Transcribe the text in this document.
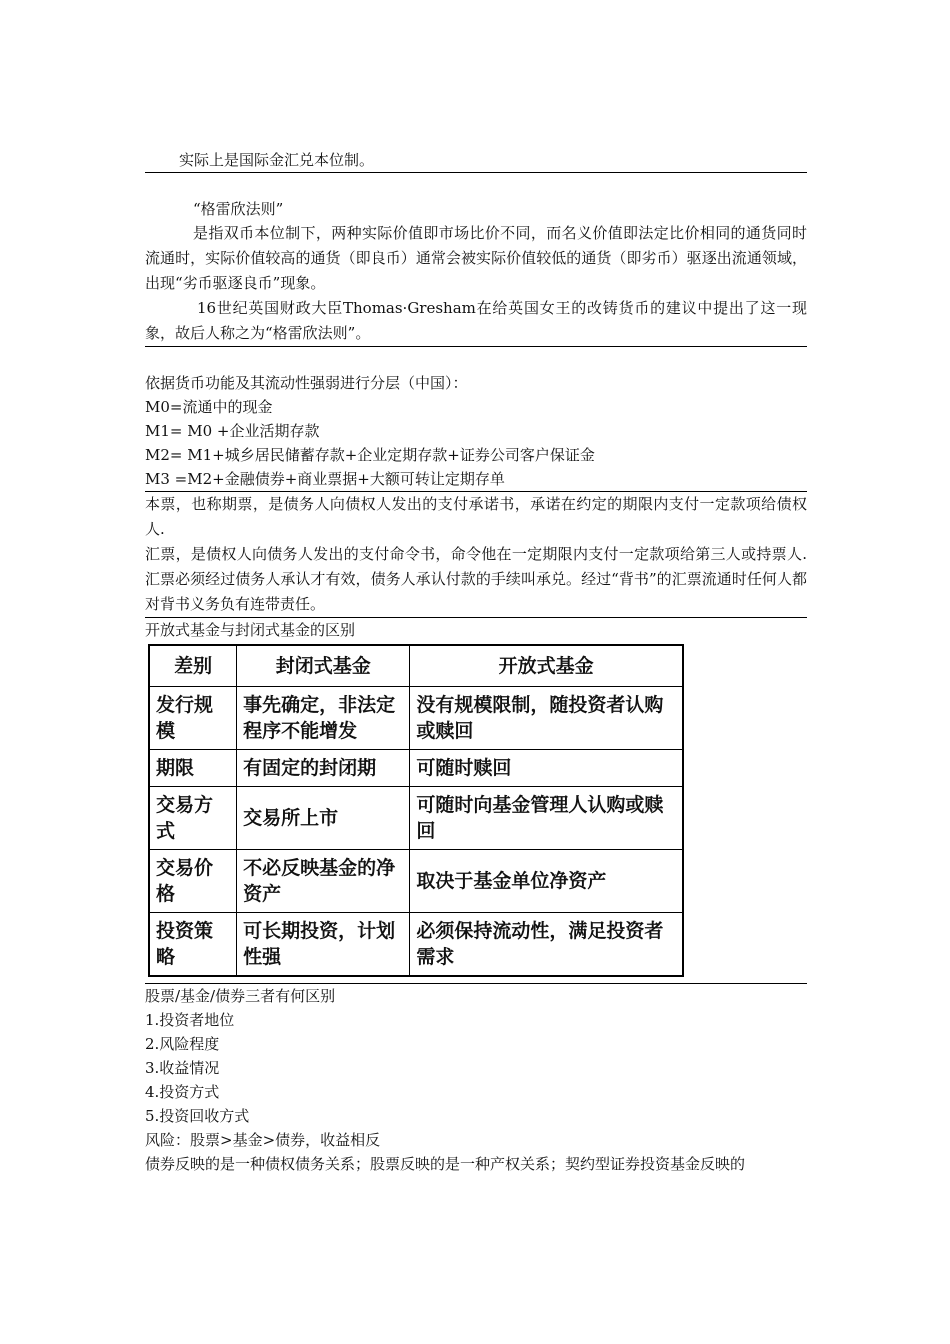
实际上是国际金汇兑本位制。

“格雷欣法则”

是指双币本位制下，两种实际价值即市场比价不同，而名义价值即法定比价相同的通货同时流通时，实际价值较高的通货（即良币）通常会被实际价值较低的通货（即劣币）驱逐出流通领域，出现“劣币驱逐良币”现象。

16世纪英国财政大臣Thomas·Gresham在给英国女王的改铸货币的建议中提出了这一现象，故后人称之为“格雷欣法则”。

依据货币功能及其流动性强弱进行分层（中国）：

M0=流通中的现金

M1= M0 +企业活期存款

M2= M1+城乡居民储蓄存款+企业定期存款+证券公司客户保证金

M3 =M2+金融债券+商业票据+大额可转让定期存单

本票，也称期票，是债务人向债权人发出的支付承诺书，承诺在约定的期限内支付一定款项给债权人.

汇票，是债权人向债务人发出的支付命令书，命令他在一定期限内支付一定款项给第三人或持票人.汇票必须经过债务人承认才有效，债务人承认付款的手续叫承兑。经过“背书”的汇票流通时任何人都对背书义务负有连带责任。

开放式基金与封闭式基金的区别

差别	封闭式基金	开放式基金
发行规模	事先确定，非法定程序不能增发	没有规模限制，随投资者认购或赎回
期限	有固定的封闭期	可随时赎回
交易方式	交易所上市	可随时向基金管理人认购或赎回
交易价格	不必反映基金的净资产	取决于基金单位净资产
投资策略	可长期投资，计划性强	必须保持流动性，满足投资者需求

股票/基金/债券三者有何区别

1.投资者地位

2.风险程度

3.收益情况

4.投资方式

5.投资回收方式

风险：股票>基金>债券，收益相反

债券反映的是一种债权债务关系；股票反映的是一种产权关系；契约型证券投资基金反映的
